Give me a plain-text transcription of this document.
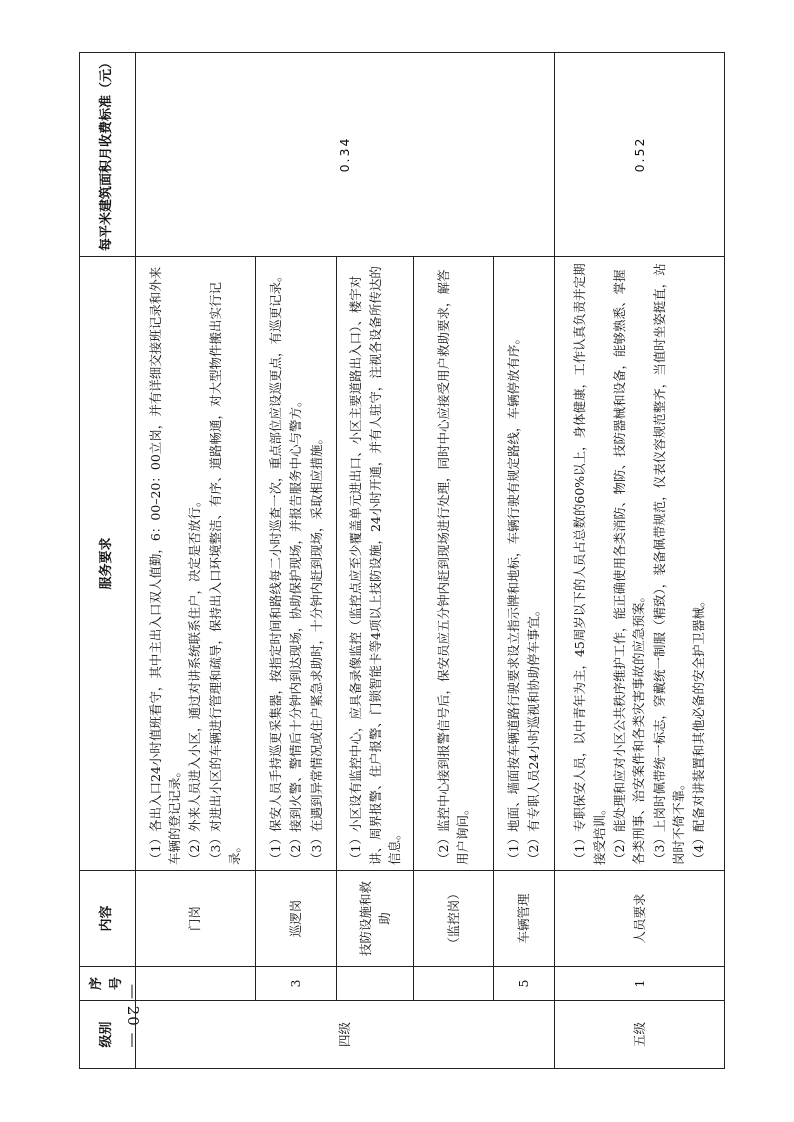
— 20 —
级别	序号	内容	服务要求	每平米建筑面积月收费标准（元）
四级		门岗	（1）各出入口24小时值班看守，其中主出入口双人值勤，6：00–20：00立岗，并有详细交接班记录和外来车辆的登记记录。 （2）外来人员进入小区，通过对讲系统联系住户，决定是否放行。 （3）对进出小区的车辆进行管理和疏导，保持出入口环境整洁、有序、道路畅通，对大型物件搬出实行记录。	0.34
	3	巡逻岗	（1）保安人员手持巡更采集器，按指定时间和路线每二小时巡查一次，重点部位应设巡更点，有巡更记录。 （2）接到火警、警情后十分钟内到达现场，协助保护现场，并报告服务中心与警方。 （3）在遇到异常情况或住户紧急求助时，十分钟内赶到现场，采取相应措施。	

		技防设施和救助	（1）小区设有监控中心，应具备录像监控（监控点应至少覆盖单元进出口、小区主要道路出入口）、楼宇对讲、周界报警、住户报警、门锁智能卡等4项以上技防设施，24小时开通，并有人驻守，注视各设备所传达的信息。	

		（监控岗）	（2）监控中心接到报警信号后，保安员应五分钟内赶到现场进行处理，同时中心应接受用户救助要求，解答用户询问。	

	5	车辆管理	（1）地面、墙面按车辆道路行驶要求设立指示牌和地标，车辆行驶有规定路线，车辆停放有序。 （2）有专职人员24小时巡视和协助停车事宜。	

五级	1	人员要求	（1）专职保安人员，以中青年为主，45周岁以下的人员占总数的60%以上，身体健康，工作认真负责并定期接受培训。 （2）能处理和应对小区公共秩序维护工作，能正确使用各类消防、物防、技防器械和设备，能够熟悉、掌握各类刑事、治安案件和各类灾害事故的应急预案。 （3）上岗时佩带统一标志，穿戴统一制服（精致），装备佩带规范，仪表仪容规范整齐，当值时坐姿挺直，站岗时不倚不靠。 （4）配备对讲装置和其他必备的安全护卫器械。	0.52
